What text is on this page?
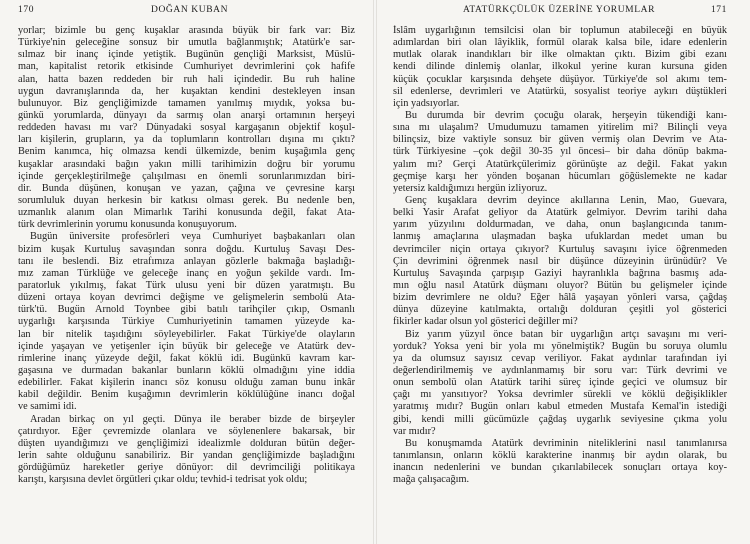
170	DOĞAN KUBAN
yorlar; bizimle bu genç kuşaklar arasında büyük bir fark var: Biz
Türkiye'nin geleceğine sonsuz bir umutla bağlanmıştık; Atatürk'e sar-
sılmaz bir inanç içinde yetiştik. Bugünün gençliği Marksist, Müslü-
man, kapitalist retorik etkisinde Cumhuriyet devrimlerini çok hafife
alan, hatta bazen reddeden bir ruh hali içindedir. Bu ruh haline
uygun davranışlarında da, her kuşaktan kendini destekleyen insan
bulunuyor. Biz gençliğimizde tamamen yanılmış mıydık, yoksa bu-
günkü yorumlarda, dünyayı da sarmış olan anarşi ortamının herşeyi
reddeden havası mı var? Dünyadaki sosyal kargaşanın objektif koşul-
ları kişilerin, grupların, ya da toplumların kontrolları dışına mı çıktı?
Benim kanımca, hiç olmazsa kendi ülkemizde, benim kuşağımla genç
kuşaklar arasındaki bağın yakın milli tarihimizin doğru bir yorumu
içinde gerçekleştirilmeğe çalışılması en önemli sorunlarımızdan biri-
dir. Bunda düşünen, konuşan ve yazan, çağına ve çevresine karşı
sorumluluk duyan herkesin bir katkısı olması gerek. Bu nedenle ben,
uzmanlık alanım olan Mimarlık Tarihi konusunda değil, fakat Ata-
türk devrimlerinin yorumu konusunda konuşuyorum.
Bugün üniversite profesörleri veya Cumhuriyet başbakanları olan
bizim kuşak Kurtuluş savaşından sonra doğdu. Kurtuluş Savaşı Des-
tanı ile beslendi. Biz etrafımıza anlayan gözlerle bakmağa başladığı-
mız zaman Türklüğe ve geleceğe inanç en yoğun şekilde vardı. İm-
paratorluk yıkılmış, fakat Türk ulusu yeni bir düzen yaratmıştı. Bu
düzeni ortaya koyan devrimci değişme ve gelişmelerin sembolü Ata-
türk'tü. Bugün Arnold Toynbee gibi batılı tarihçiler çıkıp, Osmanlı
uygarlığı karşısında Türkiye Cumhuriyetinin tamamen yüzeyde ka-
lan bir nitelik taşıdığını söyleyebilirler. Fakat Türkiye'de olayların
içinde yaşayan ve yetişenler için büyük bir geleceğe ve Atatürk dev-
rimlerine inanç yüzeyde değil, fakat köklü idi. Bugünkü kavram kar-
gaşasına ve durmadan bakanlar bunların köklü olmadığını yine iddia
edebilirler. Fakat kişilerin inancı söz konusu olduğu zaman bunu inkâr
kabil değildir. Benim kuşağımın devrimlerin köklülüğüne inancı doğal
ve samimi idi.
Aradan birkaç on yıl geçti. Dünya ile beraber bizde de birşeyler
çatırdıyor. Eğer çevremizde olanlara ve söylenenlere bakarsak, bir
düşten uyandığımızı ve gençliğimizi idealizmle dolduran bütün değer-
lerin sahte olduğunu sanabiliriz. Bir yandan gençliğimizde başladığını
gördüğümüz hareketler geriye dönüyor: dil devrimciliği politikaya
karıştı, karşısına devlet örgütleri çıkar oldu; tevhid-i tedrisat yok oldu;
ATATÜRKÇÜLÜK ÜZERİNE YORUMLAR	171
İslâm uygarlığının temsilcisi olan bir toplumun atabileceği en büyük
adımlardan biri olan lâyiklik, formül olarak kalsa bile, idare edenlerin
mutlak olarak inandıkları bir ilke olmaktan çıktı. Bizim gibi ezanı
kendi dilinde dinlemiş olanlar, ilkokul yerine kuran kursuna giden
küçük çocuklar karşısında dehşete düşüyor. Türkiye'de sol akımı tem-
sil edenlerse, devrimleri ve Atatürkü, sosyalist teoriye aykırı düştükleri
için yadsıyorlar.
Bu durumda bir devrim çocuğu olarak, herşeyin tükendiği kanı-
sına mı ulaşalım? Umudumuzu tamamen yitirelim mi? Bilinçli veya
bilinçsiz, bize vaktiyle sonsuz bir güven vermiş olan Devrim ve Ata-
türk Türkiyesine –çok değil 30-35 yıl öncesi– bir daha dönüp bakma-
yalım mı? Gerçi Atatürkçülerimiz görünüşte az değil. Fakat yakın
geçmişe karşı her yönden boşanan hücumları göğüslemekte ne kadar
yetersiz kaldığımızı hergün izliyoruz.
Genç kuşaklara devrim deyince akıllarına Lenin, Mao, Guevara,
belki Yasir Arafat geliyor da Atatürk gelmiyor. Devrim tarihi daha
yarım yüzyılını doldurmadan, ve daha, onun başlangıcında tanım-
lanmış amaçlarına ulaşmadan başka ufuklardan medet uman bu
devrimciler niçin ortaya çıkıyor? Kurtuluş savaşını iyice öğrenmeden
Çin devrimini öğrenmek nasıl bir düşünce düzeyinin ürünüdür? Ve
Kurtuluş Savaşında çarpışıp Gaziyi hayranlıkla bağrına basmış ada-
mın oğlu nasıl Atatürk düşmanı oluyor? Bütün bu gelişmeler içinde
bizim devrimlere ne oldu? Eğer hâlâ yaşayan yönleri varsa, çağdaş
dünya düzeyine katılmakta, ortalığı dolduran çeşitli yol gösterici
fikirler kadar olsun yol gösterici değiller mi?
Biz yarım yüzyıl önce batan bir uygarlığın artçı savaşını mı veri-
yorduk? Yoksa yeni bir yola mı yönelmiştik? Bugün bu soruya olumlu
ya da olumsuz sayısız cevap veriliyor. Fakat aydınlar tarafından iyi
değerlendirilmemiş ve aydınlanmamış bir soru var: Türk devrimi ve
onun sembolü olan Atatürk tarihi süreç içinde geçici ve olumsuz bir
çağı mı yansıtıyor? Yoksa devrimler sürekli ve köklü değişiklikler
yaratmış mıdır? Bugün onları kabul etmeden Mustafa Kemal'in istediği
gibi, kendi milli gücümüzle çağdaş uygarlık seviyesine çıkma yolu
var mıdır?
Bu konuşmamda Atatürk devriminin niteliklerini nasıl tanımlanırsa
tanımlansın, onların köklü karakterine inanmış bir aydın olarak, bu
inancın nedenlerini ve bundan çıkarılabilecek sonuçları ortaya koy-
mağa çalışacağım.
